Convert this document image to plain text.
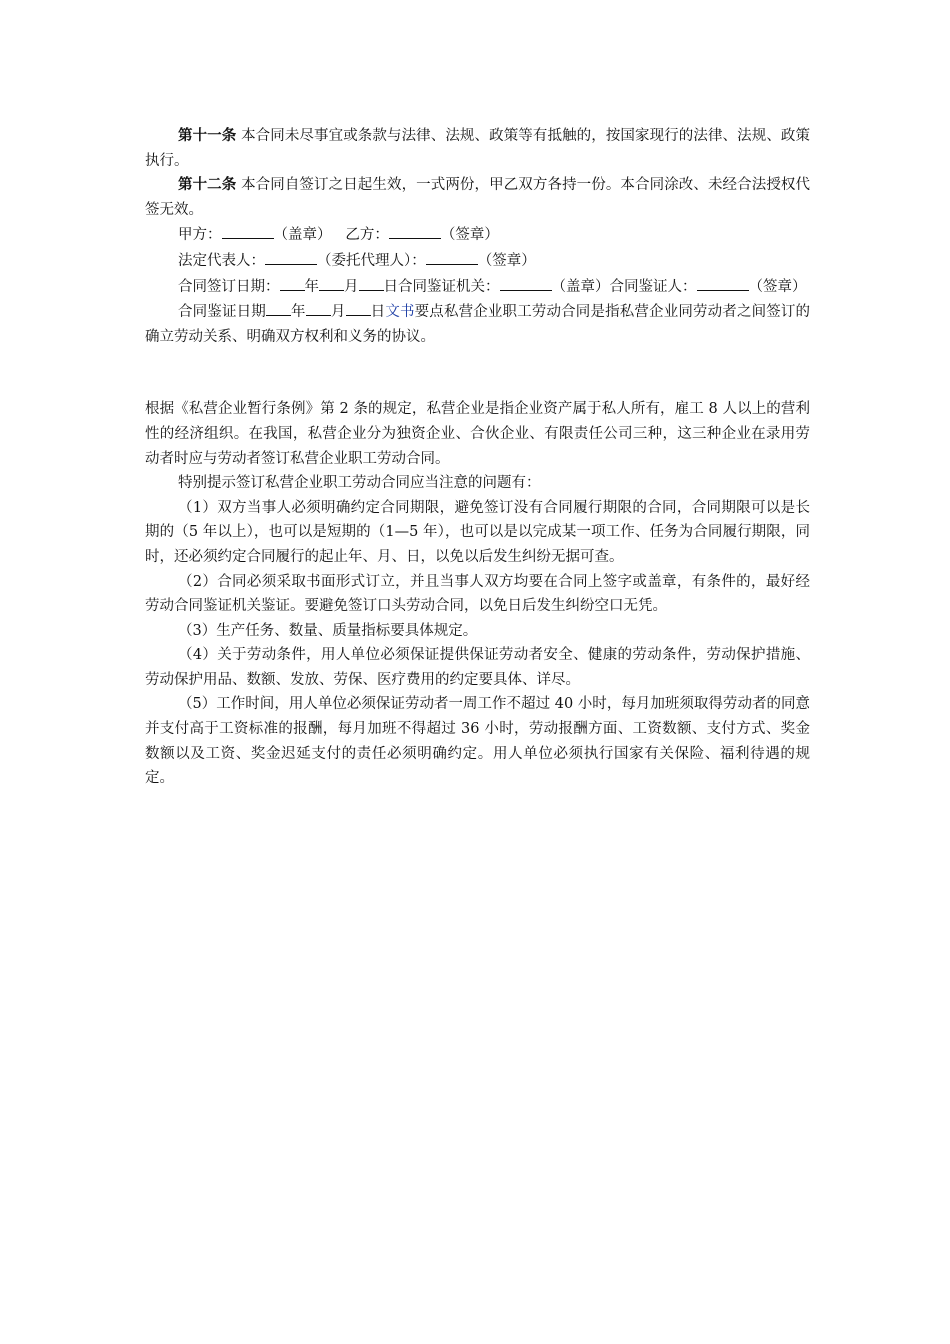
第十一条 本合同未尽事宜或条款与法律、法规、政策等有抵触的，按国家现行的法律、法规、政策执行。

第十二条 本合同自签订之日起生效，一式两份，甲乙双方各持一份。本合同涂改、未经合法授权代签无效。

甲方：	（盖章） 乙方：	（签章）

法定代表人：	（委托代理人）：	（签章）

合同签订日期： 年 月 日合同鉴证机关：	（盖章）合同鉴证人：	（签章）

合同鉴证日期 年 月 日文书要点私营企业职工劳动合同是指私营企业同劳动者之间签订的确立劳动关系、明确双方权利和义务的协议。

根据《私营企业暂行条例》第 2 条的规定，私营企业是指企业资产属于私人所有，雇工 8 人以上的营利性的经济组织。在我国，私营企业分为独资企业、合伙企业、有限责任公司三种，这三种企业在录用劳动者时应与劳动者签订私营企业职工劳动合同。

特别提示签订私营企业职工劳动合同应当注意的问题有：

（1）双方当事人必须明确约定合同期限，避免签订没有合同履行期限的合同，合同期限可以是长期的（5 年以上），也可以是短期的（1—5 年），也可以是以完成某一项工作、任务为合同履行期限，同时，还必须约定合同履行的起止年、月、日，以免以后发生纠纷无据可查。

（2）合同必须采取书面形式订立，并且当事人双方均要在合同上签字或盖章，有条件的，最好经劳动合同鉴证机关鉴证。要避免签订口头劳动合同，以免日后发生纠纷空口无凭。

（3）生产任务、数量、质量指标要具体规定。

（4）关于劳动条件，用人单位必须保证提供保证劳动者安全、健康的劳动条件，劳动保护措施、劳动保护用品、数额、发放、劳保、医疗费用的约定要具体、详尽。

（5）工作时间，用人单位必须保证劳动者一周工作不超过 40 小时，每月加班须取得劳动者的同意并支付高于工资标准的报酬，每月加班不得超过 36 小时，劳动报酬方面、工资数额、支付方式、奖金数额以及工资、奖金迟延支付的责任必须明确约定。用人单位必须执行国家有关保险、福利待遇的规定。
